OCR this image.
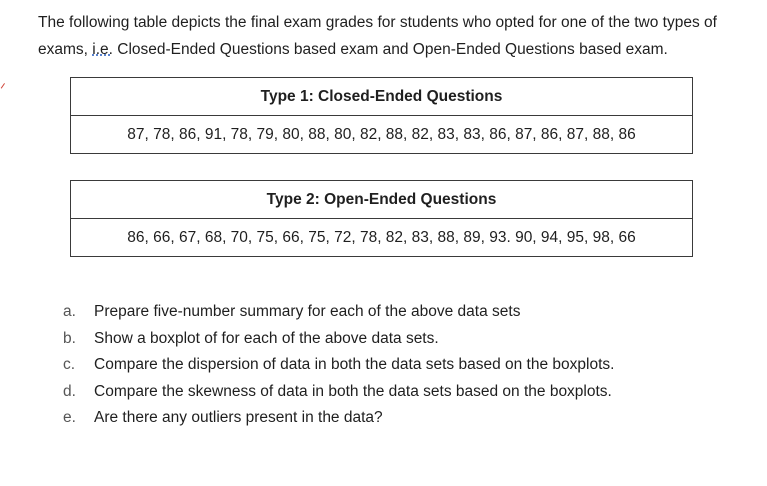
The following table depicts the final exam grades for students who opted for one of the two types of exams, i.e. Closed-Ended Questions based exam and Open-Ended Questions based exam.

Type 1: Closed-Ended Questions
87, 78, 86, 91, 78, 79, 80, 88, 80, 82, 88, 82, 83, 83, 86, 87, 86, 87, 88, 86
Type 2: Open-Ended Questions
86, 66, 67, 68, 70, 75, 66, 75, 72, 78, 82, 83, 88, 89, 93. 90, 94, 95, 98, 66
a.	Prepare five-number summary for each of the above data sets
b.	Show a boxplot of for each of the above data sets.
c.	Compare the dispersion of data in both the data sets based on the boxplots.
d.	Compare the skewness of data in both the data sets based on the boxplots.
e.	Are there any outliers present in the data?
